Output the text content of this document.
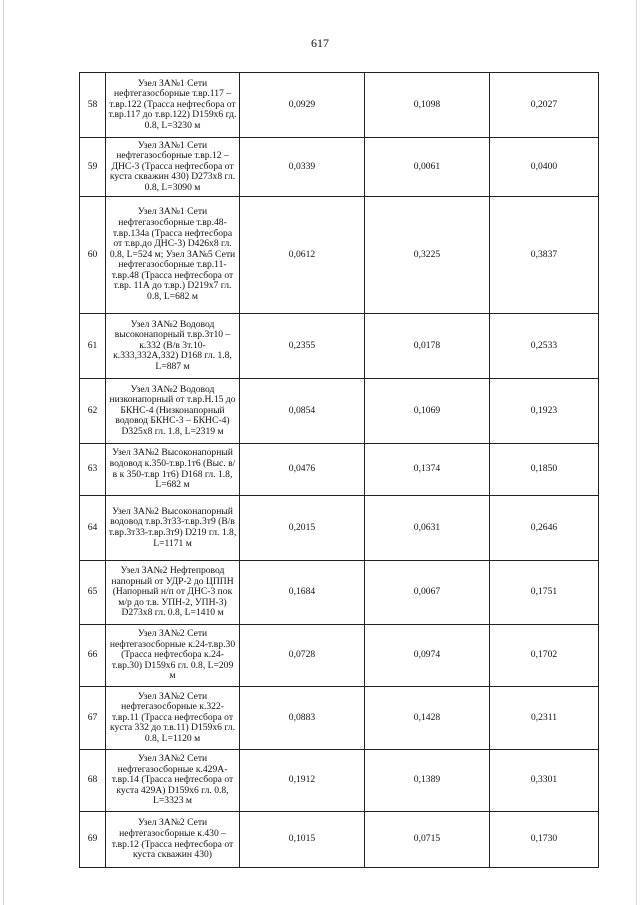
617
58	Узел ЗА№1 Сети нефтегазосборные т.вр.117 – т.вр.122 (Трасса нефтесбора от т.вр.117 до т.вр.122) D159х6 гд. 0.8, L=3230 м	0,0929	0,1098	0,2027
59	Узел ЗА№1 Сети нефтегазосборные т.вр.12 – ДНС-3 (Трасса нефтесбора от куста скважин 430) D273х8 гл. 0.8, L=3090 м	0,0339	0,0061	0,0400
60	Узел ЗА№1 Сети нефтегазосборные т.вр.48-т.вр.134а (Трасса нефтесбора от т.вр.до ДНС-3) D426х8 гл. 0.8, L=524 м; Узел ЗА№5 Сети нефтегазосборные т.вр.11-т.вр.48 (Трасса нефтесбора от т.вр. 11А до т.вр.) D219х7 гл. 0.8, L=682 м	0,0612	0,3225	0,3837
61	Узел ЗА№2 Водовод высоконапорный т.вр.3т10 – к.332 (В/в 3т.10-к.333,332А,332) D168 гл. 1.8, L=887 м	0,2355	0,0178	0,2533
62	Узел ЗА№2 Водовод низконапорный от т.вр.Н.15 до БКНС-4 (Низконапорный водовод БКНС-3 – БКНС-4) D325х8 гл. 1.8, L=2319 м	0,0854	0,1069	0,1923
63	Узел ЗА№2 Высоконапорный водовод к.350-т.вр.1т6 (Выс. в/в к 350-т.вр 1т6) D168 гл. 1.8, L=682 м	0,0476	0,1374	0,1850
64	Узел ЗА№2 Высоконапорный водовод т.вр.3т33-т.вр.3т9 (В/в т.вр.3т33-т.вр.3т9) D219 гл. 1.8, L=1171 м	0,2015	0,0631	0,2646
65	Узел ЗА№2 Нефтепровод напорный от УДР-2 до ЦППН (Напорный н/п от ДНС-3 пок м/р до т.в. УПН-2, УПН-3) D273х8 гл. 0.8, L=1410 м	0,1684	0,0067	0,1751
66	Узел ЗА№2 Сети нефтегазосборные к.24-т.вр.30 (Трасса нефтесбора к.24-т.вр.30) D159х6 гл. 0.8, L=209 м	0,0728	0,0974	0,1702
67	Узел ЗА№2 Сети нефтегазосборные к.322-т.вр.11 (Трасса нефтесбора от куста 332 до т.в.11) D159х6 гл. 0.8, L=1120 м	0,0883	0,1428	0,2311
68	Узел ЗА№2 Сети нефтегазосборные к.429А-т.вр.14 (Трасса нефтесбора от куста 429А) D159х6 гл. 0.8, L=3323 м	0,1912	0,1389	0,3301
69	Узел ЗА№2 Сети нефтегазосборные к.430 – т.вр.12 (Трасса нефтесбора от куста скважин 430)	0,1015	0,0715	0,1730
